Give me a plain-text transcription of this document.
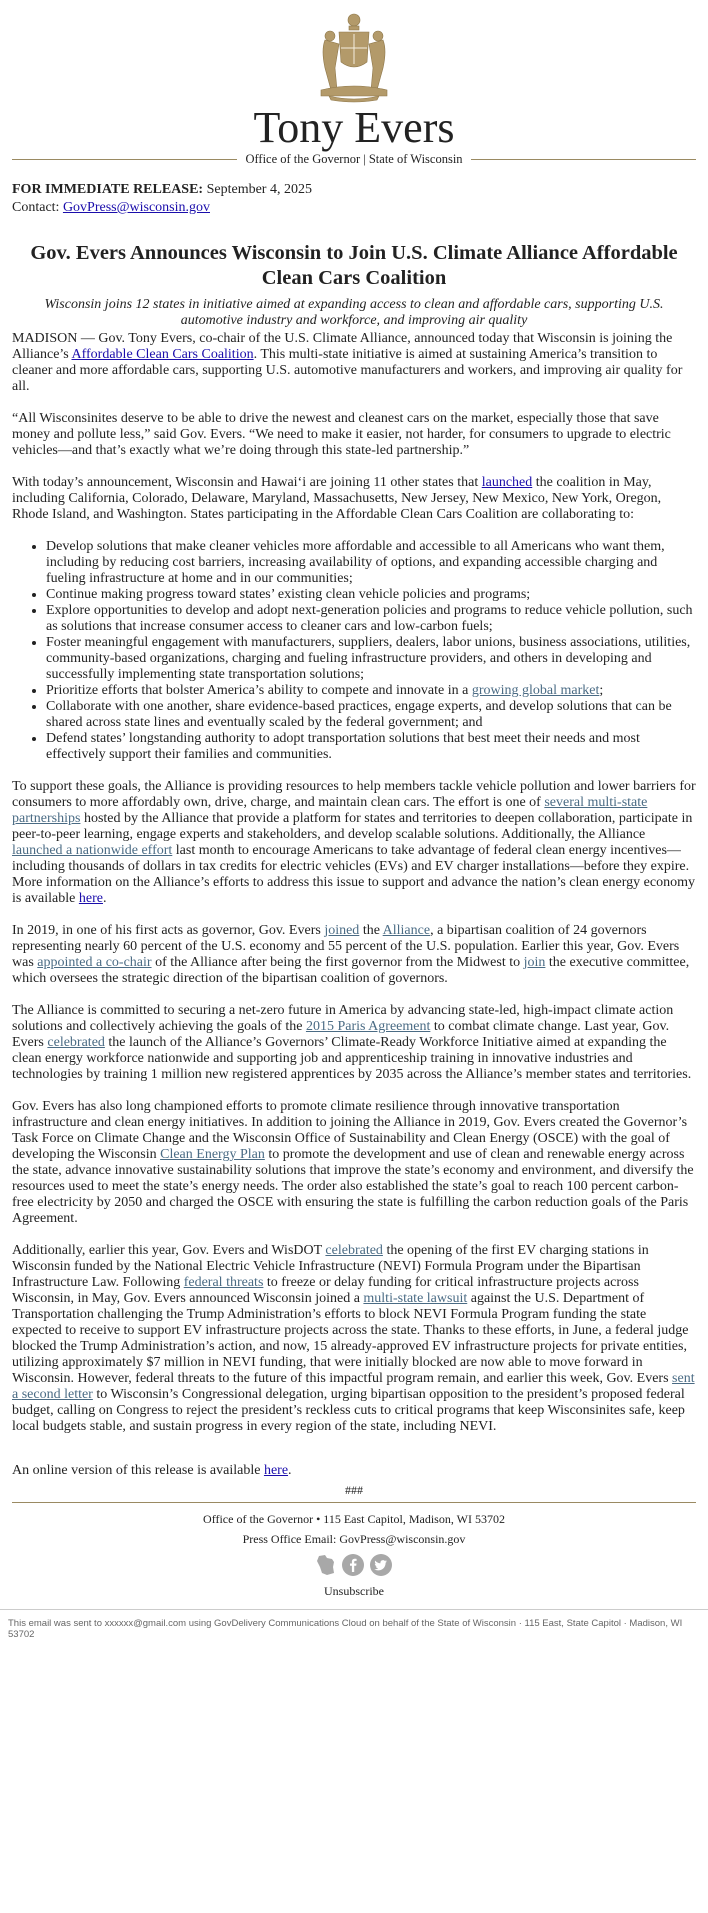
Tony Evers
Office of the Governor | State of Wisconsin
FOR IMMEDIATE RELEASE: September 4, 2025
Contact: GovPress@wisconsin.gov
Gov. Evers Announces Wisconsin to Join U.S. Climate Alliance Affordable Clean Cars Coalition
Wisconsin joins 12 states in initiative aimed at expanding access to clean and affordable cars, supporting U.S. automotive industry and workforce, and improving air quality

MADISON — Gov. Tony Evers, co-chair of the U.S. Climate Alliance, announced today that Wisconsin is joining the Alliance’s Affordable Clean Cars Coalition. This multi-state initiative is aimed at sustaining America’s transition to cleaner and more affordable cars, supporting U.S. automotive manufacturers and workers, and improving air quality for all.

“All Wisconsinites deserve to be able to drive the newest and cleanest cars on the market, especially those that save money and pollute less,” said Gov. Evers. “We need to make it easier, not harder, for consumers to upgrade to electric vehicles—and that’s exactly what we’re doing through this state-led partnership.”

With today’s announcement, Wisconsin and Hawai‘i are joining 11 other states that launched the coalition in May, including California, Colorado, Delaware, Maryland, Massachusetts, New Jersey, New Mexico, New York, Oregon, Rhode Island, and Washington. States participating in the Affordable Clean Cars Coalition are collaborating to:

• Develop solutions that make cleaner vehicles more affordable and accessible to all Americans who want them, including by reducing cost barriers, increasing availability of options, and expanding accessible charging and fueling infrastructure at home and in our communities;
• Continue making progress toward states’ existing clean vehicle policies and programs;
• Explore opportunities to develop and adopt next-generation policies and programs to reduce vehicle pollution, such as solutions that increase consumer access to cleaner cars and low-carbon fuels;
• Foster meaningful engagement with manufacturers, suppliers, dealers, labor unions, business associations, utilities, community-based organizations, charging and fueling infrastructure providers, and others in developing and successfully implementing state transportation solutions;
• Prioritize efforts that bolster America’s ability to compete and innovate in a growing global market;
• Collaborate with one another, share evidence-based practices, engage experts, and develop solutions that can be shared across state lines and eventually scaled by the federal government; and
• Defend states’ longstanding authority to adopt transportation solutions that best meet their needs and most effectively support their families and communities.

To support these goals, the Alliance is providing resources to help members tackle vehicle pollution and lower barriers for consumers to more affordably own, drive, charge, and maintain clean cars. The effort is one of several multi-state partnerships hosted by the Alliance that provide a platform for states and territories to deepen collaboration, participate in peer-to-peer learning, engage experts and stakeholders, and develop scalable solutions. Additionally, the Alliance launched a nationwide effort last month to encourage Americans to take advantage of federal clean energy incentives—including thousands of dollars in tax credits for electric vehicles (EVs) and EV charger installations—before they expire. More information on the Alliance’s efforts to address this issue to support and advance the nation’s clean energy economy is available here.

In 2019, in one of his first acts as governor, Gov. Evers joined the Alliance, a bipartisan coalition of 24 governors representing nearly 60 percent of the U.S. economy and 55 percent of the U.S. population. Earlier this year, Gov. Evers was appointed a co-chair of the Alliance after being the first governor from the Midwest to join the executive committee, which oversees the strategic direction of the bipartisan coalition of governors.

The Alliance is committed to securing a net-zero future in America by advancing state-led, high-impact climate action solutions and collectively achieving the goals of the 2015 Paris Agreement to combat climate change. Last year, Gov. Evers celebrated the launch of the Alliance’s Governors’ Climate-Ready Workforce Initiative aimed at expanding the clean energy workforce nationwide and supporting job and apprenticeship training in innovative industries and technologies by training 1 million new registered apprentices by 2035 across the Alliance’s member states and territories.

Gov. Evers has also long championed efforts to promote climate resilience through innovative transportation infrastructure and clean energy initiatives. In addition to joining the Alliance in 2019, Gov. Evers created the Governor’s Task Force on Climate Change and the Wisconsin Office of Sustainability and Clean Energy (OSCE) with the goal of developing the Wisconsin Clean Energy Plan to promote the development and use of clean and renewable energy across the state, advance innovative sustainability solutions that improve the state’s economy and environment, and diversify the resources used to meet the state’s energy needs. The order also established the state’s goal to reach 100 percent carbon-free electricity by 2050 and charged the OSCE with ensuring the state is fulfilling the carbon reduction goals of the Paris Agreement.

Additionally, earlier this year, Gov. Evers and WisDOT celebrated the opening of the first EV charging stations in Wisconsin funded by the National Electric Vehicle Infrastructure (NEVI) Formula Program under the Bipartisan Infrastructure Law. Following federal threats to freeze or delay funding for critical infrastructure projects across Wisconsin, in May, Gov. Evers announced Wisconsin joined a multi-state lawsuit against the U.S. Department of Transportation challenging the Trump Administration’s efforts to block NEVI Formula Program funding the state expected to receive to support EV infrastructure projects across the state. Thanks to these efforts, in June, a federal judge blocked the Trump Administration’s action, and now, 15 already-approved EV infrastructure projects for private entities, utilizing approximately $7 million in NEVI funding, that were initially blocked are now able to move forward in Wisconsin. However, federal threats to the future of this impactful program remain, and earlier this week, Gov. Evers sent a second letter to Wisconsin’s Congressional delegation, urging bipartisan opposition to the president’s proposed federal budget, calling on Congress to reject the president’s reckless cuts to critical programs that keep Wisconsinites safe, keep local budgets stable, and sustain progress in every region of the state, including NEVI.

An online version of this release is available here.

###
Office of the Governor • 115 East Capitol, Madison, WI 53702
Press Office Email: GovPress@wisconsin.gov
Unsubscribe
This email was sent to xxxxxx@gmail.com using GovDelivery Communications Cloud on behalf of the State of Wisconsin · 115 East, State Capitol · Madison, WI 53702
